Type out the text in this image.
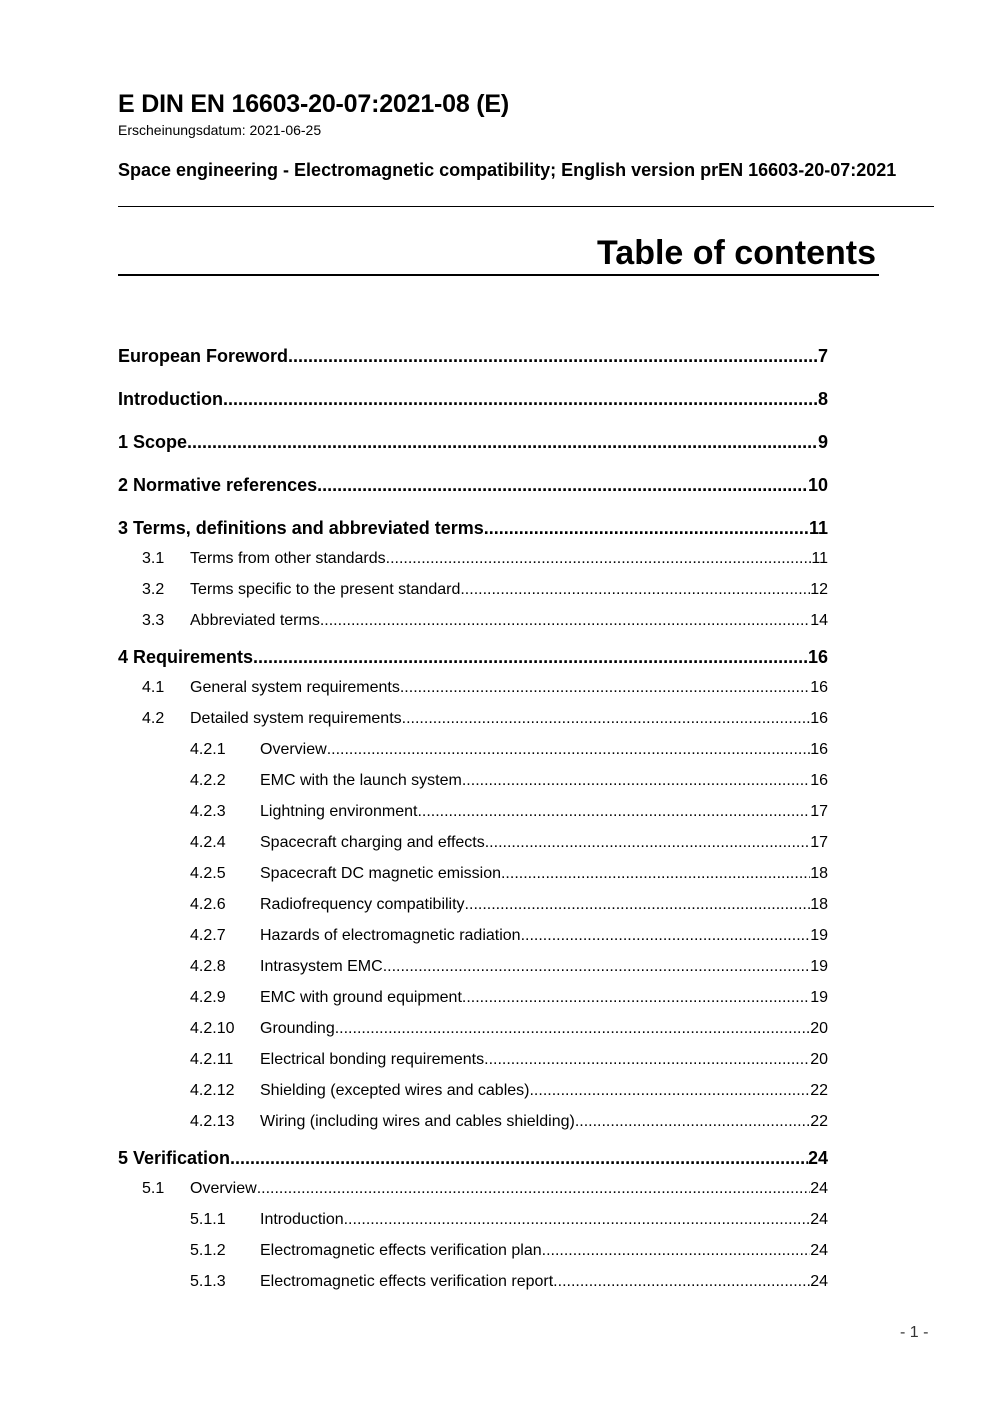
E DIN EN 16603-20-07:2021-08 (E)
Erscheinungsdatum: 2021-06-25
Space engineering - Electromagnetic compatibility; English version prEN 16603-20-07:2021
Table of contents
European Foreword .....	7
Introduction .....	8
1 Scope .....	9
2 Normative references .....	10
3 Terms, definitions and abbreviated terms .....	11
3.1	Terms from other standards .....	11
3.2	Terms specific to the present standard .....	12
3.3	Abbreviated terms .....	14
4 Requirements .....	16
4.1	General system requirements .....	16
4.2	Detailed system requirements .....	16
4.2.1	Overview .....	16
4.2.2	EMC with the launch system .....	16
4.2.3	Lightning environment .....	17
4.2.4	Spacecraft charging and effects .....	17
4.2.5	Spacecraft DC magnetic emission .....	18
4.2.6	Radiofrequency compatibility .....	18
4.2.7	Hazards of electromagnetic radiation .....	19
4.2.8	Intrasystem EMC .....	19
4.2.9	EMC with ground equipment .....	19
4.2.10	Grounding .....	20
4.2.11	Electrical bonding requirements .....	20
4.2.12	Shielding (excepted wires and cables) .....	22
4.2.13	Wiring (including wires and cables shielding) .....	22
5 Verification .....	24
5.1	Overview .....	24
5.1.1	Introduction .....	24
5.1.2	Electromagnetic effects verification plan .....	24
5.1.3	Electromagnetic effects verification report .....	24
- 1 -
